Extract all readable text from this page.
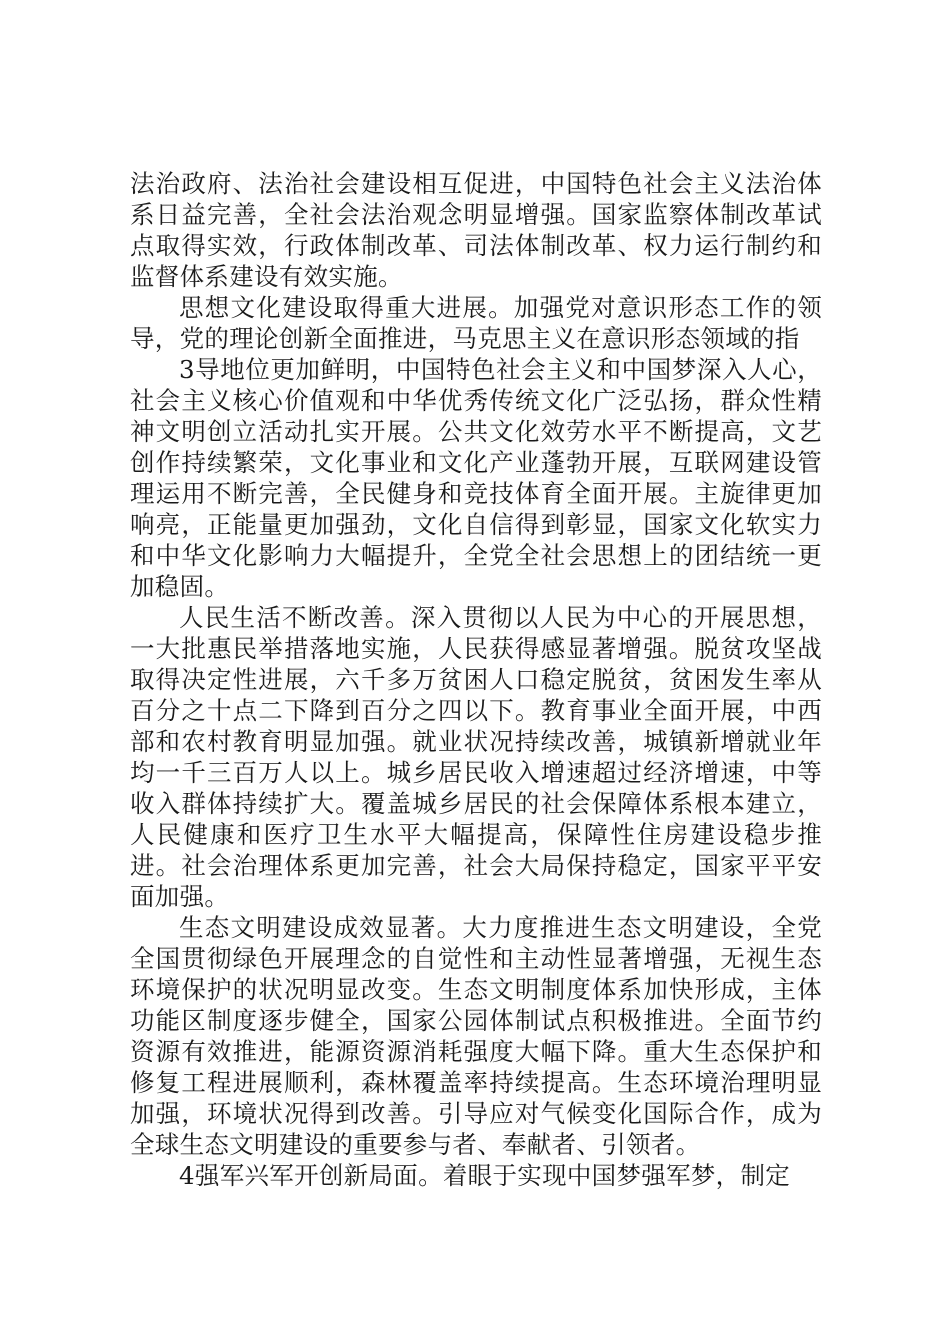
法治政府、法治社会建设相互促进，中国特色社会主义法治体系日益完善，全社会法治观念明显增强。国家监察体制改革试点取得实效，行政体制改革、司法体制改革、权力运行制约和监督体系建设有效实施。

思想文化建设取得重大进展。加强党对意识形态工作的领导，党的理论创新全面推进，马克思主义在意识形态领域的指

3导地位更加鲜明，中国特色社会主义和中国梦深入人心，社会主义核心价值观和中华优秀传统文化广泛弘扬，群众性精神文明创立活动扎实开展。公共文化效劳水平不断提高，文艺创作持续繁荣，文化事业和文化产业蓬勃开展，互联网建设管理运用不断完善，全民健身和竞技体育全面开展。主旋律更加响亮，正能量更加强劲，文化自信得到彰显，国家文化软实力和中华文化影响力大幅提升，全党全社会思想上的团结统一更加稳固。

人民生活不断改善。深入贯彻以人民为中心的开展思想，一大批惠民举措落地实施，人民获得感显著增强。脱贫攻坚战取得决定性进展，六千多万贫困人口稳定脱贫，贫困发生率从百分之十点二下降到百分之四以下。教育事业全面开展，中西部和农村教育明显加强。就业状况持续改善，城镇新增就业年均一千三百万人以上。城乡居民收入增速超过经济增速，中等收入群体持续扩大。覆盖城乡居民的社会保障体系根本建立，人民健康和医疗卫生水平大幅提高，保障性住房建设稳步推进。社会治理体系更加完善，社会大局保持稳定，国家平平安面加强。

生态文明建设成效显著。大力度推进生态文明建设，全党全国贯彻绿色开展理念的自觉性和主动性显著增强，无视生态环境保护的状况明显改变。生态文明制度体系加快形成，主体功能区制度逐步健全，国家公园体制试点积极推进。全面节约资源有效推进，能源资源消耗强度大幅下降。重大生态保护和修复工程进展顺利，森林覆盖率持续提高。生态环境治理明显加强，环境状况得到改善。引导应对气候变化国际合作，成为全球生态文明建设的重要参与者、奉献者、引领者。

4强军兴军开创新局面。着眼于实现中国梦强军梦，制定
